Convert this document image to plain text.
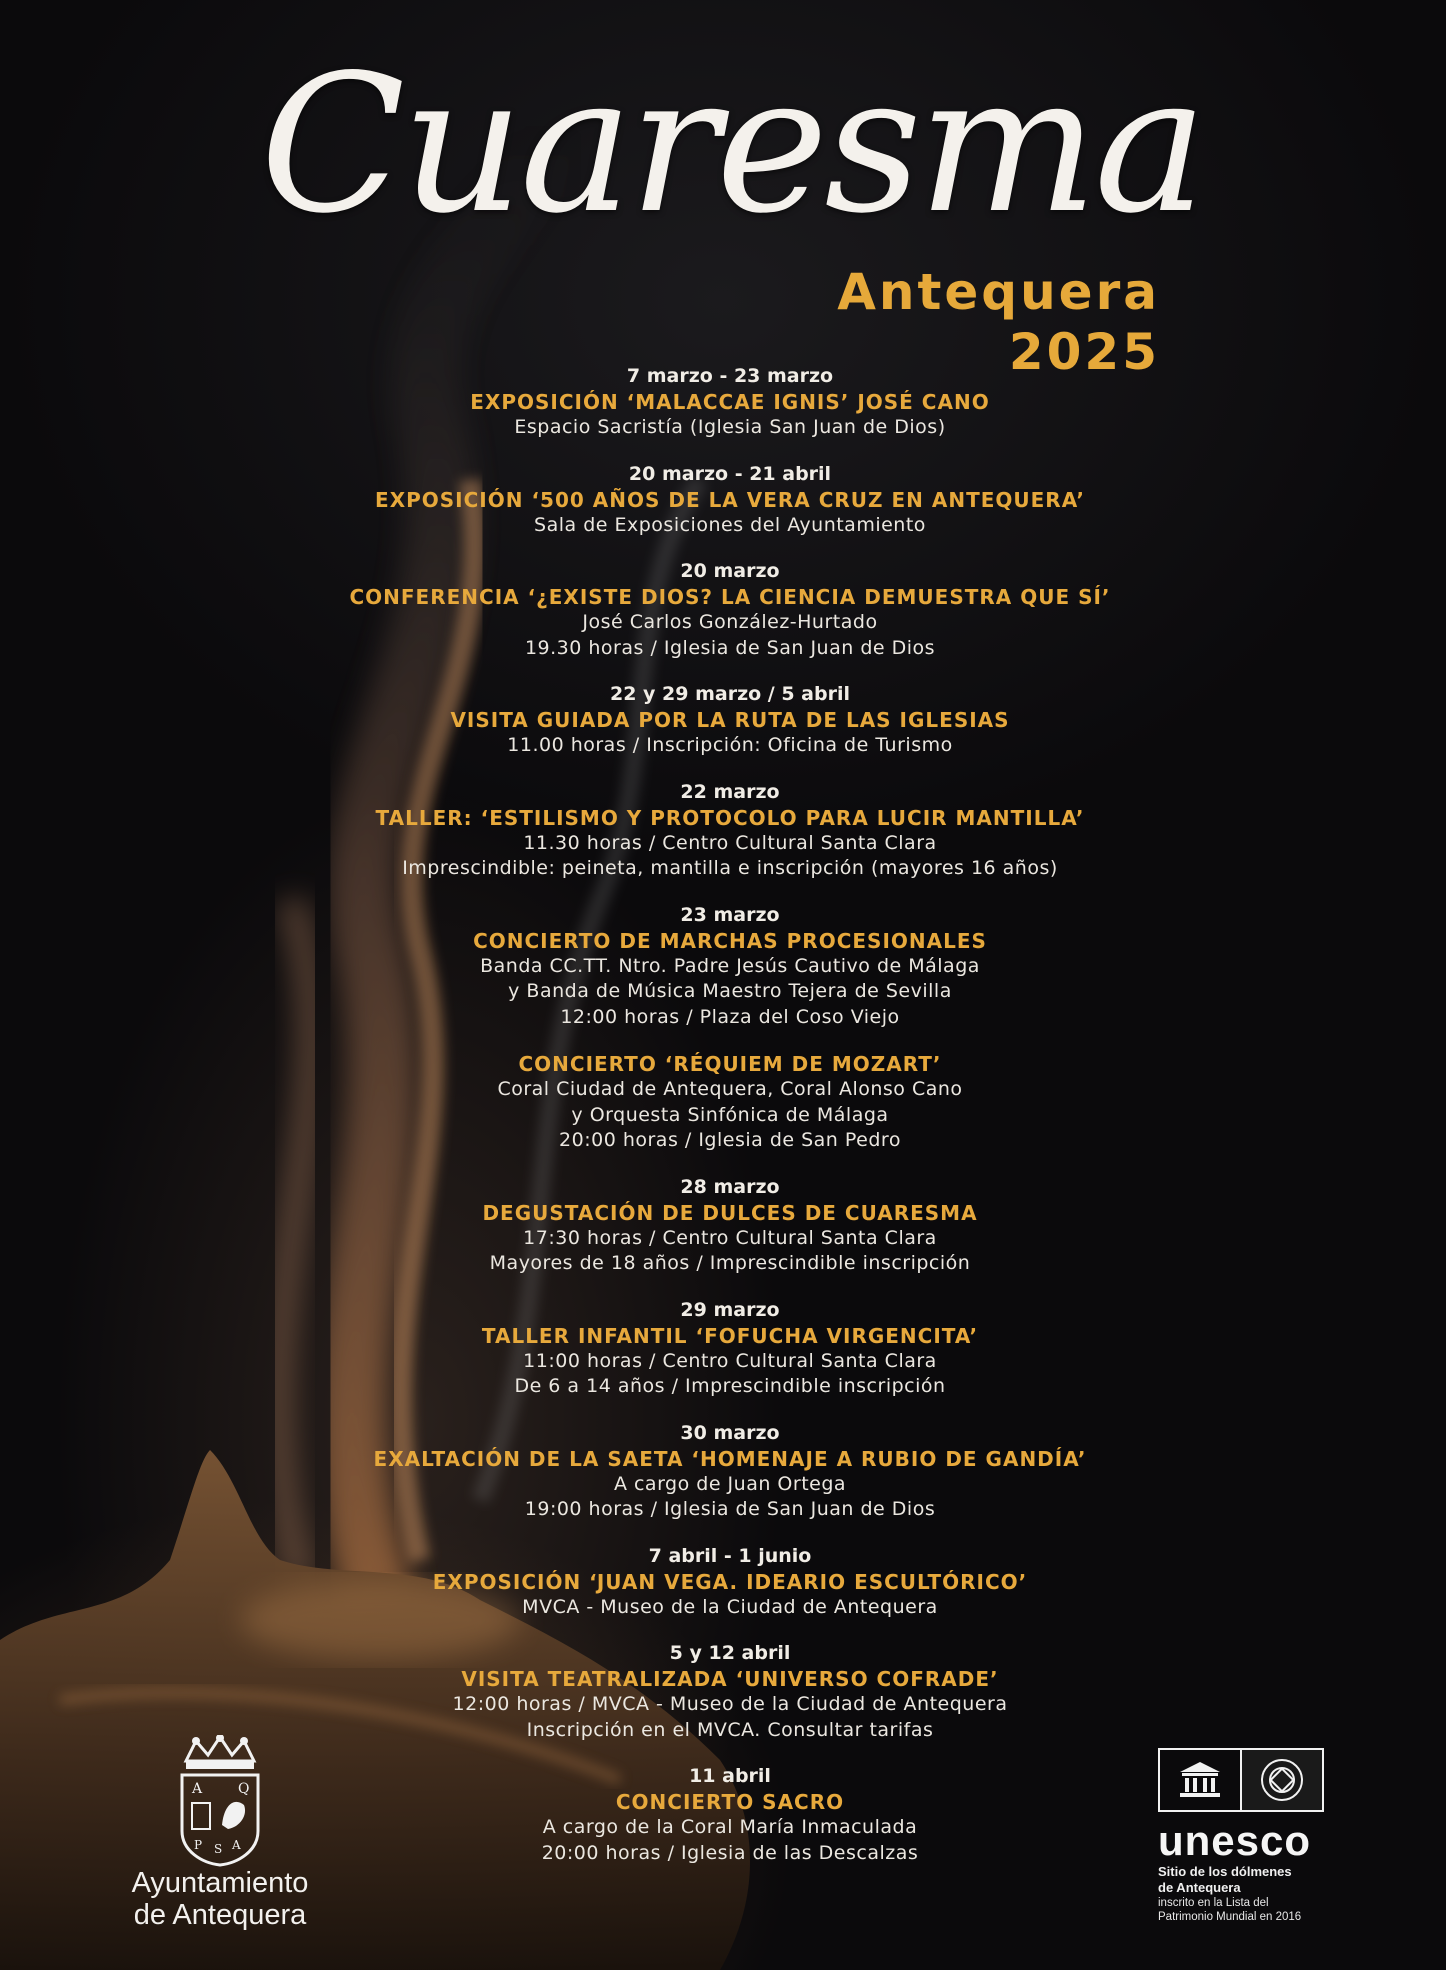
Cuaresma
Antequera 2025
7 marzo - 23 marzo
EXPOSICIÓN ‘MALACCAE IGNIS’ JOSÉ CANO
Espacio Sacristía (Iglesia San Juan de Dios)
20 marzo - 21 abril
EXPOSICIÓN ‘500 AÑOS DE LA VERA CRUZ EN ANTEQUERA’
Sala de Exposiciones del Ayuntamiento
20 marzo
CONFERENCIA ‘¿EXISTE DIOS? LA CIENCIA DEMUESTRA QUE SÍ’
José Carlos González-Hurtado
19.30 horas / Iglesia de San Juan de Dios
22 y 29 marzo / 5 abril
VISITA GUIADA POR LA RUTA DE LAS IGLESIAS
11.00 horas / Inscripción: Oficina de Turismo
22 marzo
TALLER: ‘ESTILISMO Y PROTOCOLO PARA LUCIR MANTILLA’
11.30 horas / Centro Cultural Santa Clara
Imprescindible: peineta, mantilla e inscripción (mayores 16 años)
23 marzo
CONCIERTO DE MARCHAS PROCESIONALES
Banda CC.TT. Ntro. Padre Jesús Cautivo de Málaga
y Banda de Música Maestro Tejera de Sevilla
12:00 horas / Plaza del Coso Viejo
CONCIERTO ‘RÉQUIEM DE MOZART’
Coral Ciudad de Antequera, Coral Alonso Cano
y Orquesta Sinfónica de Málaga
20:00 horas / Iglesia de San Pedro
28 marzo
DEGUSTACIÓN DE DULCES DE CUARESMA
17:30 horas / Centro Cultural Santa Clara
Mayores de 18 años / Imprescindible inscripción
29 marzo
TALLER INFANTIL ‘FOFUCHA VIRGENCITA’
11:00 horas / Centro Cultural Santa Clara
De 6 a 14 años / Imprescindible inscripción
30 marzo
EXALTACIÓN DE LA SAETA ‘HOMENAJE A RUBIO DE GANDÍA’
A cargo de Juan Ortega
19:00 horas / Iglesia de San Juan de Dios
7 abril - 1 junio
EXPOSICIÓN ‘JUAN VEGA. IDEARIO ESCULTÓRICO’
MVCA - Museo de la Ciudad de Antequera
5 y 12 abril
VISITA TEATRALIZADA ‘UNIVERSO COFRADE’
12:00 horas / MVCA - Museo de la Ciudad de Antequera
Inscripción en el MVCA. Consultar tarifas
11 abril
CONCIERTO SACRO
A cargo de la Coral María Inmaculada
20:00 horas / Iglesia de las Descalzas
A	Q
P S A
Ayuntamiento
de Antequera
unesco
Sitio de los dólmenes
de Antequera
inscrito en la Lista del
Patrimonio Mundial en 2016
